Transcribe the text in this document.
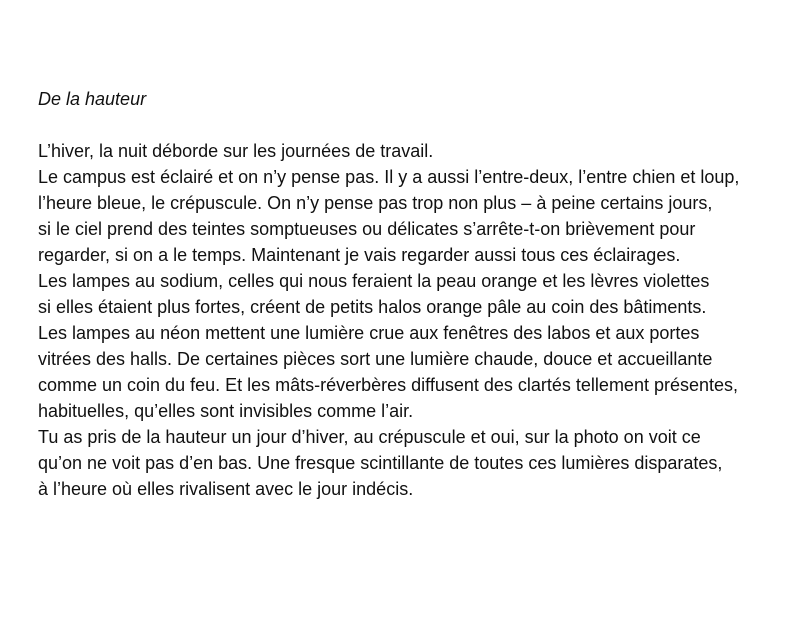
De la hauteur
L’hiver, la nuit déborde sur les journées de travail.
Le campus est éclairé et on n’y pense pas. Il y a aussi l’entre-deux, l’entre chien et loup,
l’heure bleue, le crépuscule. On n’y pense pas trop non plus – à peine certains jours,
si le ciel prend des teintes somptueuses ou délicates s’arrête-t-on brièvement pour
regarder, si on a le temps. Maintenant je vais regarder aussi tous ces éclairages.
Les lampes au sodium, celles qui nous feraient la peau orange et les lèvres violettes
si elles étaient plus fortes, créent de petits halos orange pâle au coin des bâtiments.
Les lampes au néon mettent une lumière crue aux fenêtres des labos et aux portes
vitrées des halls. De certaines pièces sort une lumière chaude, douce et accueillante
comme un coin du feu. Et les mâts-réverbères diffusent des clartés tellement présentes,
habituelles, qu’elles sont invisibles comme l’air.
Tu as pris de la hauteur un jour d’hiver, au crépuscule et oui, sur la photo on voit ce
qu’on ne voit pas d’en bas. Une fresque scintillante de toutes ces lumières disparates,
à l’heure où elles rivalisent avec le jour indécis.
